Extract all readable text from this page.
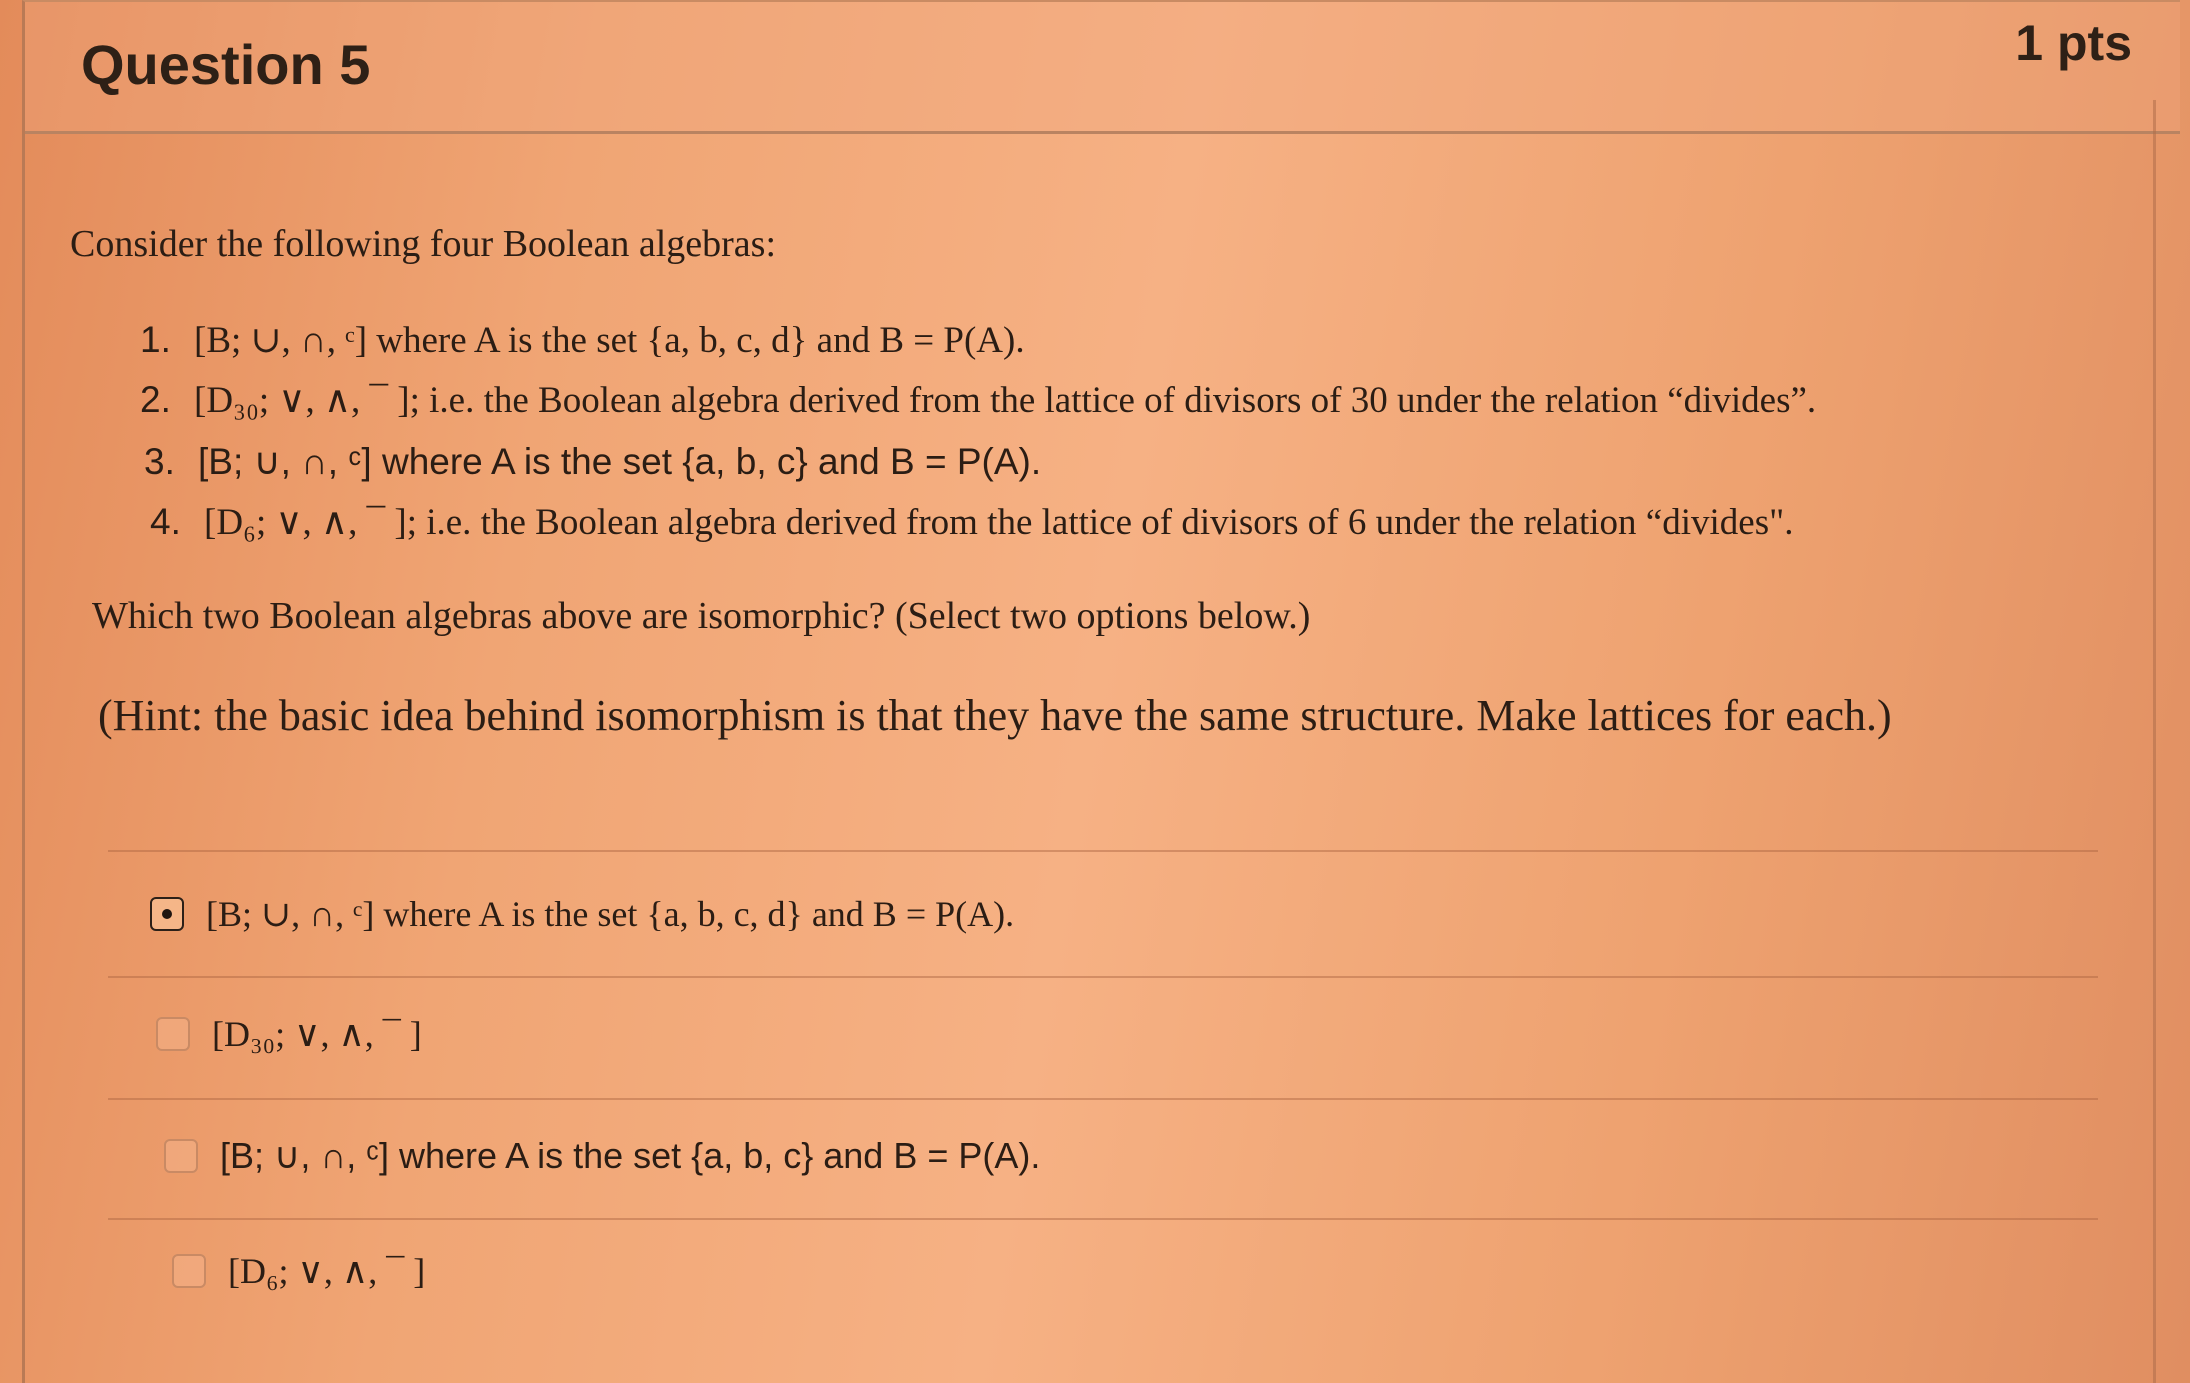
Question 5	1 pts
Consider the following four Boolean algebras:
1. [B; ∪, ∩, ᶜ] where A is the set {a, b, c, d} and B = P(A).
2. [D₃₀; ∨, ∧, ¯ ]; i.e. the Boolean algebra derived from the lattice of divisors of 30 under the relation “divides”.
3. [B; ∪, ∩, ᶜ] where A is the set {a, b, c} and B = P(A).
4. [D₆; ∨, ∧, ¯ ]; i.e. the Boolean algebra derived from the lattice of divisors of 6 under the relation “divides".
Which two Boolean algebras above are isomorphic? (Select two options below.)
(Hint: the basic idea behind isomorphism is that they have the same structure. Make lattices for each.)
[B; ∪, ∩, ᶜ] where A is the set {a, b, c, d} and B = P(A).
[D₃₀; ∨, ∧, ¯ ]
[B; ∪, ∩, ᶜ] where A is the set {a, b, c} and B = P(A).
[D₆; ∨, ∧, ¯ ]
